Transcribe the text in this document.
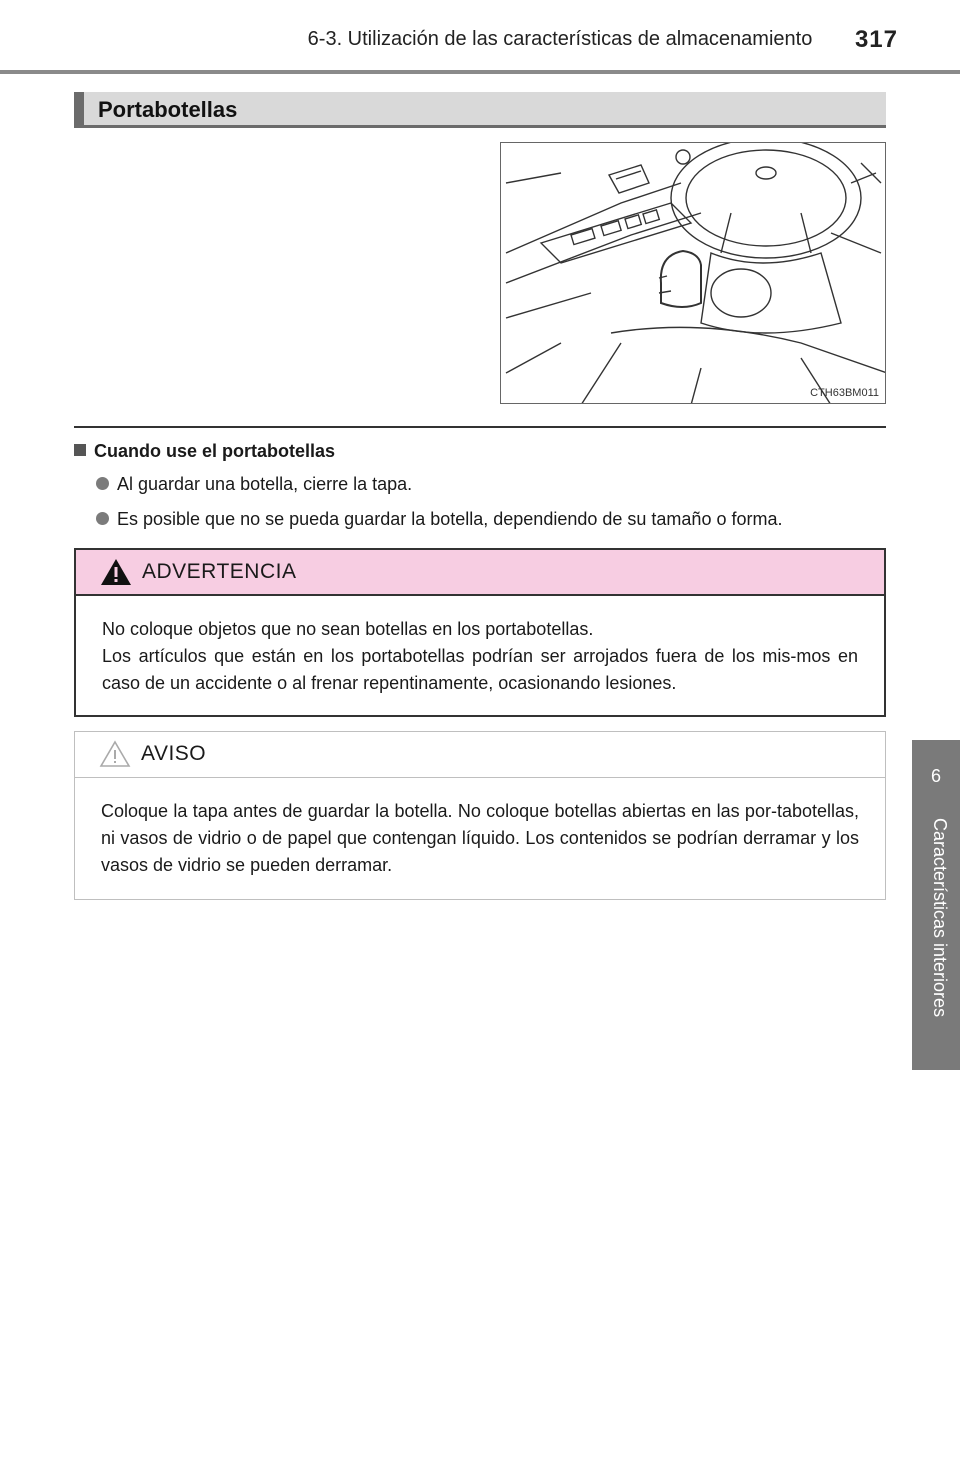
6-3. Utilización de las características de almacenamiento	317
6
Características interiores
Portabotellas
CTH63BM011
Cuando use el portabotellas
Al guardar una botella, cierre la tapa.
Es posible que no se pueda guardar la botella, dependiendo de su tamaño o forma.
ADVERTENCIA

No coloque objetos que no sean botellas en los portabotellas.

Los artículos que están en los portabotellas podrían ser arrojados fuera de los mis-mos en caso de un accidente o al frenar repentinamente, ocasionando lesiones.

AVISO

Coloque la tapa antes de guardar la botella. No coloque botellas abiertas en las por-tabotellas, ni vasos de vidrio o de papel que contengan líquido. Los contenidos se podrían derramar y los vasos de vidrio se pueden derramar.
